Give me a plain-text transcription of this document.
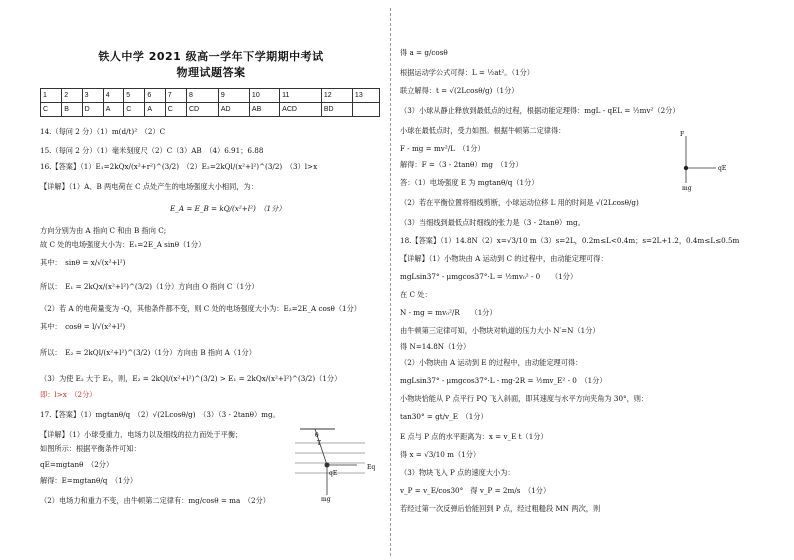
铁人中学 2021 级高一学年下学期期中考试
物理试题答案
1	2	3	4	5	6	7	8	9	10	11	12	13
C	B	D	A	C	A	C	CD	AD	AB	ACD	BD	
14.（每问 2 分）（1）m(d/t)²　（2）C
15.（每问 2 分）（1）毫米刻度尺（2）C（3）AB　（4）6.91；6.88
16.【答案】（1）E₁=2kQx/(x²+r²)^(3/2)　（2）E₂=2kQl/(x²+l²)^(3/2)　（3）l>x
【详解】（1）A、B 两电荷在 C 点处产生的电场强度大小相同，为：
E_A = E_B = kQ/(x²+l²)　（1分）
方向分别为由 A 指向 C 和由 B 指向 C;
故 C 处的电场强度大小为：E₁=2E_A sinθ（1分）
其中：　sinθ = x/√(x²+l²)
所以：　E₁ = 2kQx/(x²+l²)^(3/2)（1分）方向由 O 指向 C（1分）
（2）若 A 的电荷量变为 -Q，其他条件都不变，则 C 处的电场强度大小为：E₂=2E_A cosθ（1分）
其中：　cosθ = l/√(x²+l²)
所以：　E₂ = 2kQl/(x²+l²)^(3/2)（1分）方向由 B 指向 A（1分）
（3）为使 E₂ 大于 E₁，则，E₂ = 2kQl/(x²+l²)^(3/2) > E₁ = 2kQx/(x²+l²)^(3/2)（1分）
即：l>x　（2分）
17.【答案】（1）mgtanθ/q　（2）√(2Lcosθ/g)　（3）（3 - 2tanθ）mg。
【详解】（1）小球受重力、电场力以及细线的拉力而处于平衡；
如图所示：根据平衡条件可知：
qE=mgtanθ　（2分）
解得：E=mgtanθ/q　（1分）
（2）电场力和重力不变，由牛顿第二定律有：mg/cosθ = ma　（2分）
T
θ
qE
mg
Eq
得 a = g/cosθ
根据运动学公式可得：L = ½at²。（1分）
联立解得：t = √(2Lcosθ/g)（1分）
（3）小球从静止释放到最低点的过程，根据动能定理得：mgL - qEL = ½mv²（2分）
小球在最低点时，受力如图。根据牛顿第二定律得：
F - mg = mv²/L　（1分）
解得：F =（3 - 2tanθ）mg　（1分）
答：（1）电场强度 E 为 mgtanθ/q（1分）
（2）若在平衡位置将细线剪断，小球运动位移 L 用的时间是 √(2Lcosθ/g)
（3）当细线到最低点时细线的张力是（3 - 2tanθ）mg。
18.【答案】（1）14.8N（2）x=√3/10 m（3）s=2L，0.2m≤L<0.4m；s=2L+1.2，0.4m≤L≤0.5m
【详解】（1）小物块由 A 运动到 C 的过程中，由动能定理可得：
mgLsin37° - μmgcos37°·L = ½mv₀² - 0　　（1分）
在 C 处：
N - mg = mv₀²/R　　（1分）
由牛顿第三定律可知，小物块对轨道的压力大小 N′=N（1分）
得 N=14.8N（1分）
（2）小物块由 A 运动到 E 的过程中，由动能定理可得：
mgLsin37° - μmgcos37°·L - mg·2R = ½mv_E² - 0　（1分）
小物块恰能从 P 点平行 PQ 飞入斜面，即其速度与水平方向夹角为 30°，则：
tan30° = gt/v_E　（1分）
E 点与 P 点的水平距离为：x = v_E t（1分）
得 x = √3/10 m（1分）
（3）物块飞入 P 点的速度大小为：
v_P = v_E/cos30°　得 v_P = 2m/s　（1分）
若经过第一次反弹后恰能回到 P 点，经过粗糙段 MN 两次，则
F
qE
mg
